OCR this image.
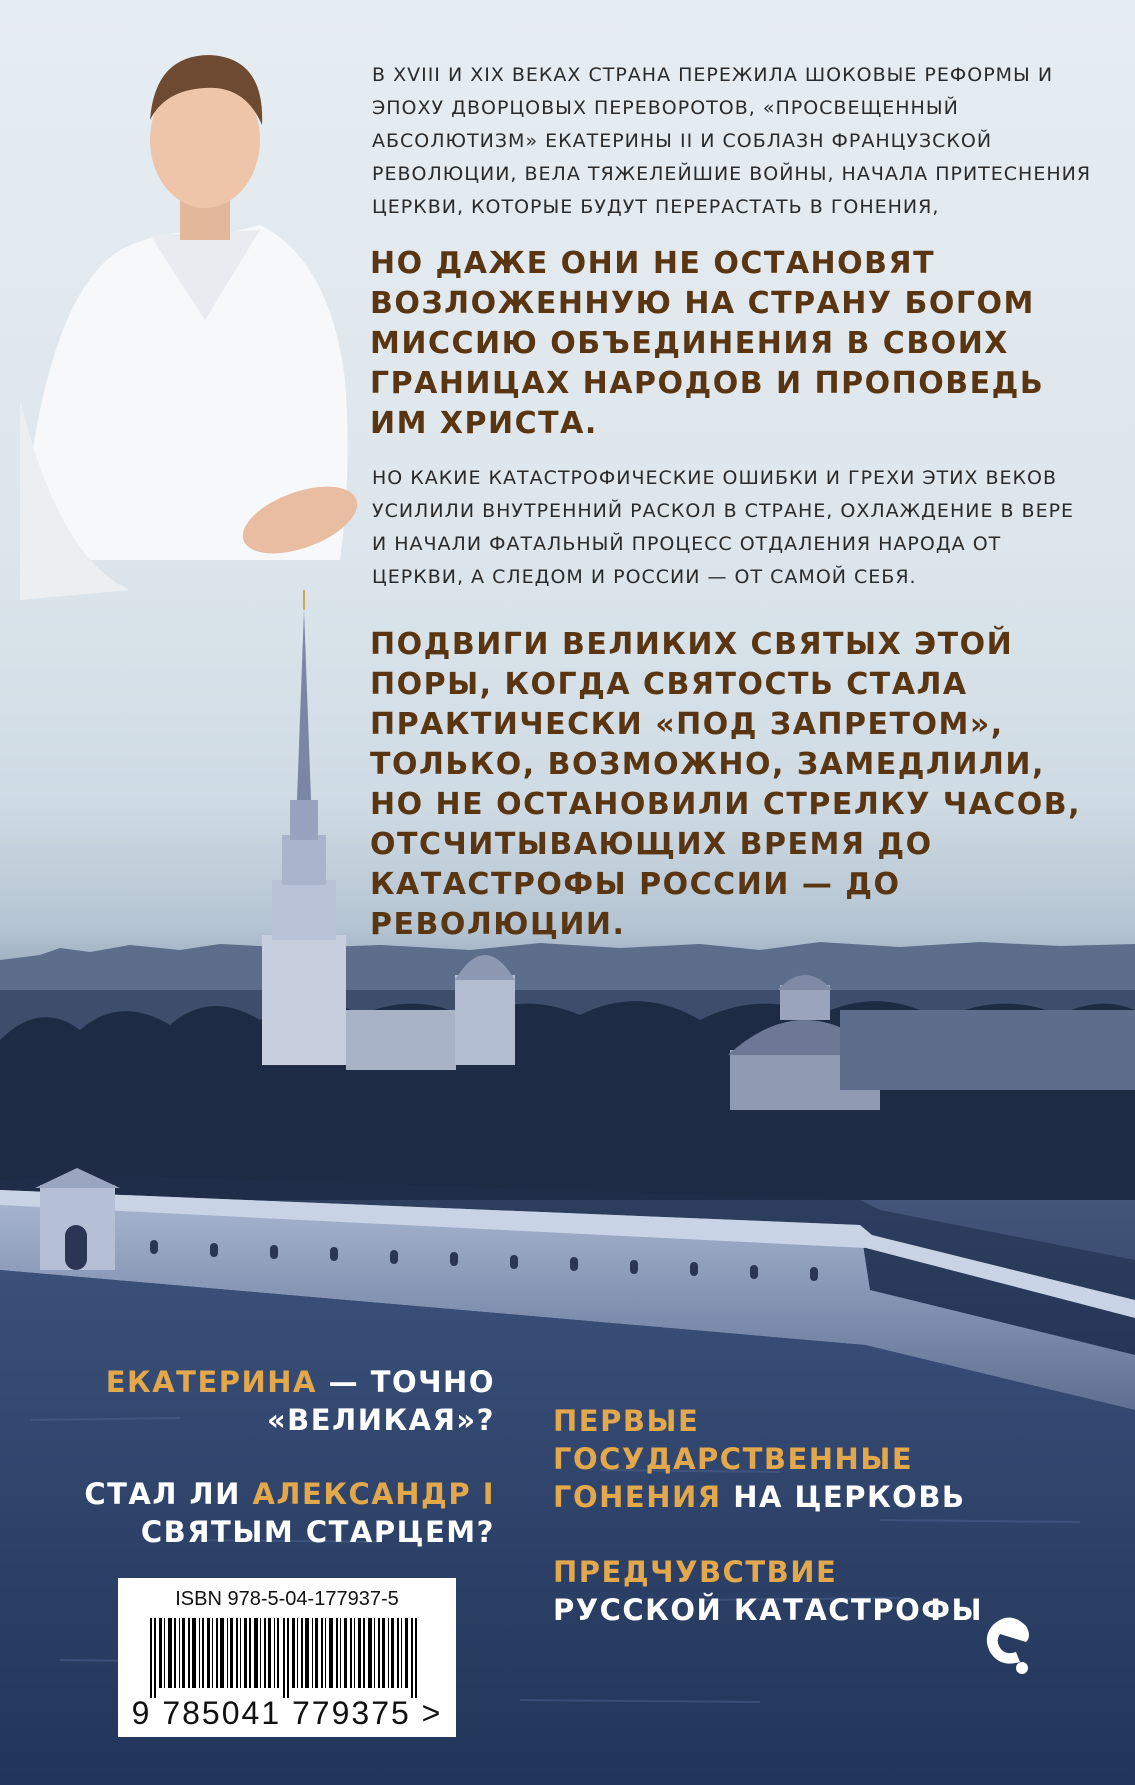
В XVIII И XIX ВЕКАХ СТРАНА ПЕРЕЖИЛА ШОКОВЫЕ РЕФОРМЫ И ЭПОХУ ДВОРЦОВЫХ ПЕРЕВОРОТОВ, «ПРОСВЕЩЕННЫЙ АБСОЛЮТИЗМ» ЕКАТЕРИНЫ II И СОБЛАЗН ФРАНЦУЗСКОЙ РЕВОЛЮЦИИ, ВЕЛА ТЯЖЕЛЕЙШИЕ ВОЙНЫ, НАЧАЛА ПРИТЕСНЕНИЯ ЦЕРКВИ, КОТОРЫЕ БУДУТ ПЕРЕРАСТАТЬ В ГОНЕНИЯ,

НО ДАЖЕ ОНИ НЕ ОСТАНОВЯТ ВОЗЛОЖЕННУЮ НА СТРАНУ БОГОМ МИССИЮ ОБЪЕДИНЕНИЯ В СВОИХ ГРАНИЦАХ НАРОДОВ И ПРОПОВЕДЬ ИМ ХРИСТА.

НО КАКИЕ КАТАСТРОФИЧЕСКИЕ ОШИБКИ И ГРЕХИ ЭТИХ ВЕКОВ УСИЛИЛИ ВНУТРЕННИЙ РАСКОЛ В СТРАНЕ, ОХЛАЖДЕНИЕ В ВЕРЕ И НАЧАЛИ ФАТАЛЬНЫЙ ПРОЦЕСС ОТДАЛЕНИЯ НАРОДА ОТ ЦЕРКВИ, А СЛЕДОМ И РОССИИ — ОТ САМОЙ СЕБЯ.

ПОДВИГИ ВЕЛИКИХ СВЯТЫХ ЭТОЙ ПОРЫ, КОГДА СВЯТОСТЬ СТАЛА ПРАКТИЧЕСКИ «ПОД ЗАПРЕТОМ», ТОЛЬКО, ВОЗМОЖНО, ЗАМЕДЛИЛИ, НО НЕ ОСТАНОВИЛИ СТРЕЛКУ ЧАСОВ, ОТСЧИТЫВАЮЩИХ ВРЕМЯ ДО КАТАСТРОФЫ РОССИИ — ДО РЕВОЛЮЦИИ.

ЕКАТЕРИНА — ТОЧНО
«ВЕЛИКАЯ»?
СТАЛ ЛИ АЛЕКСАНДР I
СВЯТЫМ СТАРЦЕМ?
ПЕРВЫЕ
ГОСУДАРСТВЕННЫЕ
ГОНЕНИЯ НА ЦЕРКОВЬ
ПРЕДЧУВСТВИЕ
РУССКОЙ КАТАСТРОФЫ
ISBN 978-5-04-177937-5
9 785041 779375 >
